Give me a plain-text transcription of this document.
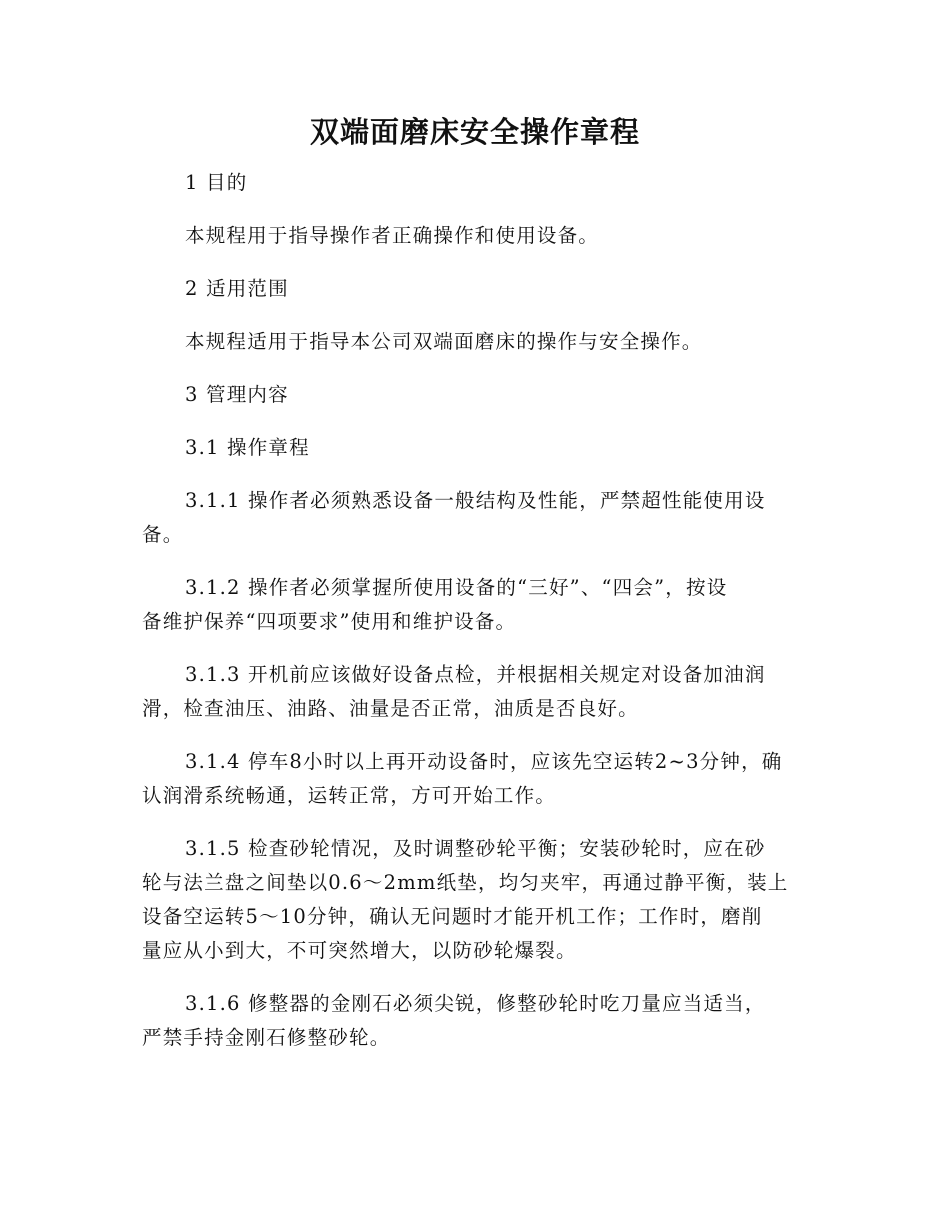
双端面磨床安全操作章程

1 目的

本规程用于指导操作者正确操作和使用设备。

2 适用范围

本规程适用于指导本公司双端面磨床的操作与安全操作。

3 管理内容

3.1 操作章程

3.1.1 操作者必须熟悉设备一般结构及性能，严禁超性能使用设

备。

3.1.2 操作者必须掌握所使用设备的“三好”、“四会”，按设

备维护保养“四项要求”使用和维护设备。

3.1.3 开机前应该做好设备点检，并根据相关规定对设备加油润

滑，检查油压、油路、油量是否正常，油质是否良好。

3.1.4 停车8小时以上再开动设备时，应该先空运转2~3分钟，确

认润滑系统畅通，运转正常，方可开始工作。

3.1.5 检查砂轮情况，及时调整砂轮平衡；安装砂轮时，应在砂

轮与法兰盘之间垫以0.6～2mm纸垫，均匀夹牢，再通过静平衡，装上

设备空运转5～10分钟，确认无问题时才能开机工作；工作时，磨削

量应从小到大，不可突然增大，以防砂轮爆裂。

3.1.6 修整器的金刚石必须尖锐，修整砂轮时吃刀量应当适当，

严禁手持金刚石修整砂轮。
